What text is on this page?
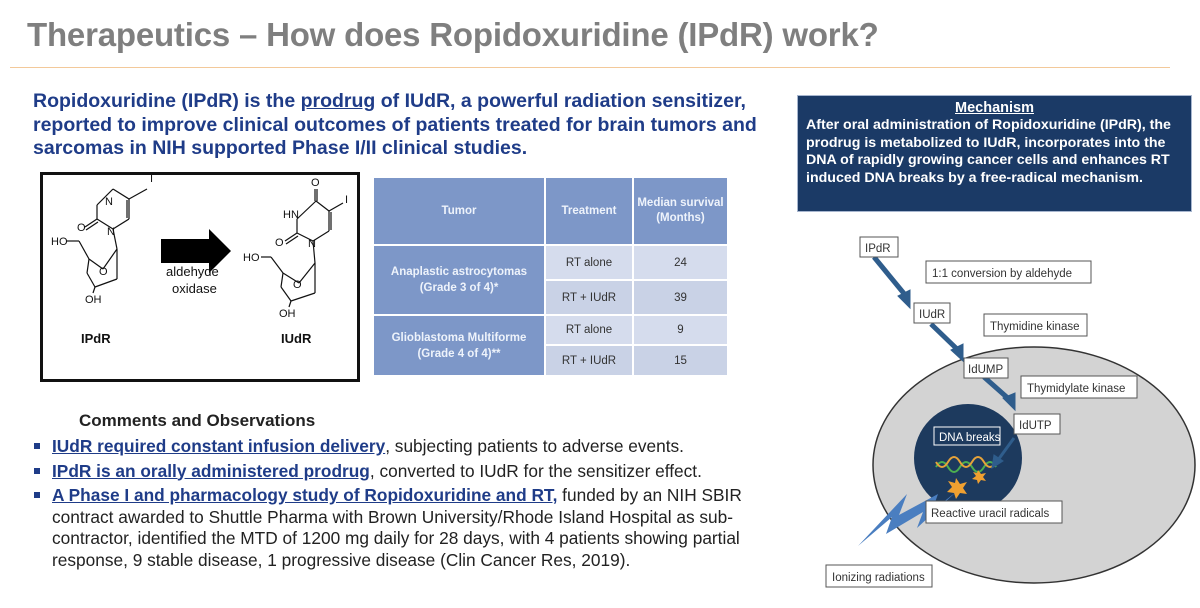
Therapeutics – How does Ropidoxuridine (IPdR) work?
Ropidoxuridine (IPdR) is the prodrug of IUdR, a powerful radiation sensitizer, reported to improve clinical outcomes of patients treated for brain tumors and sarcomas in NIH supported Phase I/II clinical studies.
I
N
O N
HO
O
OH
aldehyde
oxidase
O
I
HN
O N
HO
O
OH
IPdR	IUdR
Tumor	Treatment	Median survival
(Months)
Anaplastic astrocytomas
(Grade 3 of 4)*	RT alone	24
	RT + IUdR	39
Glioblastoma Multiforme
(Grade 4 of 4)**	RT alone	9
	RT + IUdR	15
Mechanism
After oral administration of Ropidoxuridine (IPdR), the prodrug is metabolized to IUdR, incorporates into the DNA of rapidly growing cancer cells and enhances RT induced DNA breaks by a free-radical mechanism.
Comments and Observations
IUdR required constant infusion delivery, subjecting patients to adverse events.
IPdR is an orally administered prodrug, converted to IUdR for the sensitizer effect.
A Phase I and pharmacology study of Ropidoxuridine and RT, funded by an NIH SBIR contract awarded to Shuttle Pharma with Brown University/Rhode Island Hospital as sub-contractor, identified the MTD of 1200 mg daily for 28 days, with 4 patients showing partial response, 9 stable disease, 1 progressive disease (Clin Cancer Res, 2019).
IPdR
1:1 conversion by aldehyde
IUdR
Thymidine kinase
IdUMP
Thymidylate kinase
IdUTP
DNA breaks
Reactive uracil radicals
Ionizing radiations
